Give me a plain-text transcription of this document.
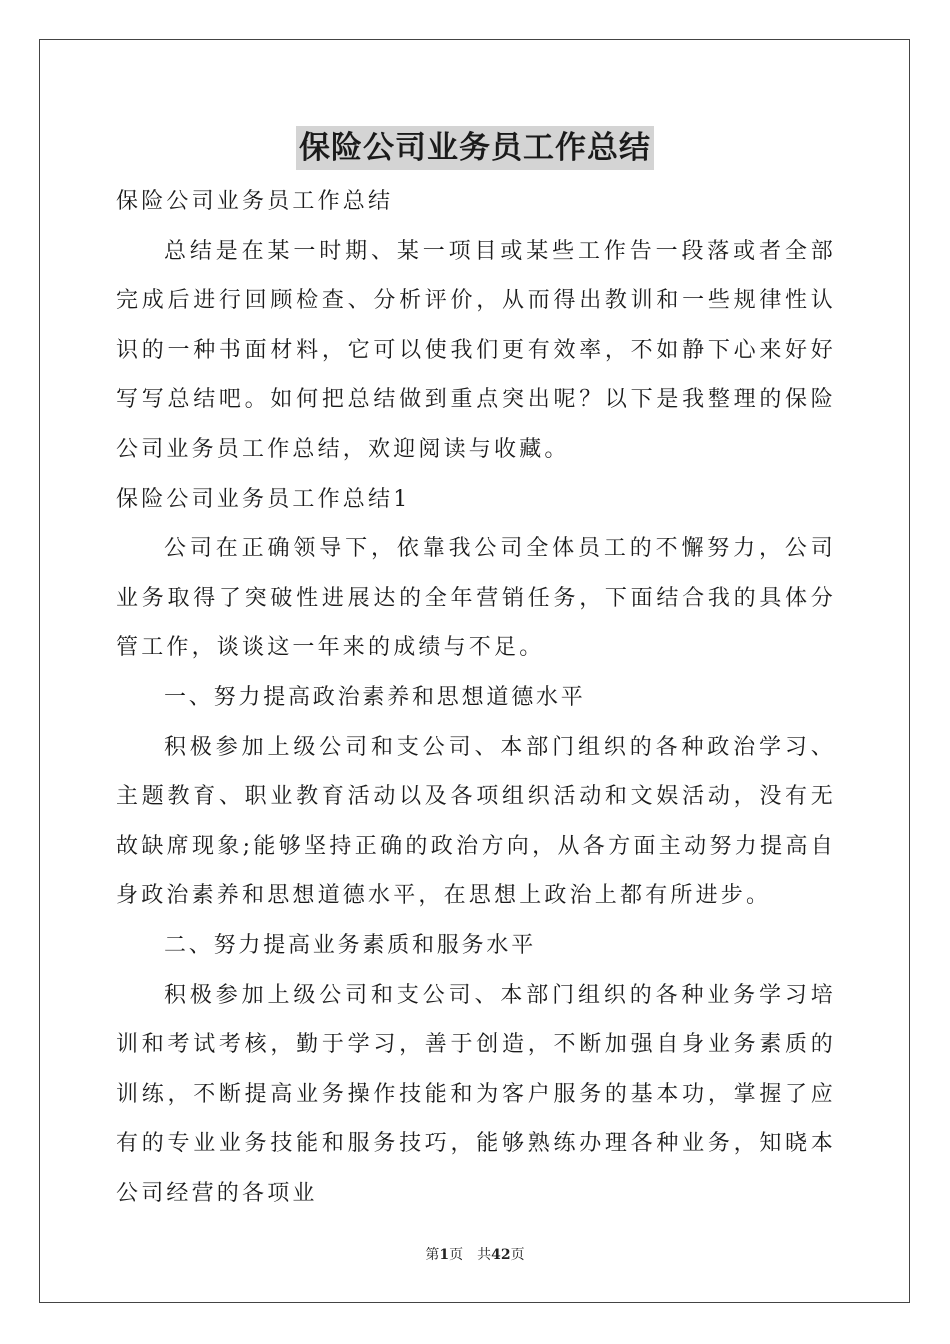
保险公司业务员工作总结

保险公司业务员工作总结

总结是在某一时期、某一项目或某些工作告一段落或者全部完成后进行回顾检查、分析评价，从而得出教训和一些规律性认识的一种书面材料，它可以使我们更有效率，不如静下心来好好写写总结吧。如何把总结做到重点突出呢？以下是我整理的保险公司业务员工作总结，欢迎阅读与收藏。

保险公司业务员工作总结1

公司在正确领导下，依靠我公司全体员工的不懈努力，公司业务取得了突破性进展达的全年营销任务，下面结合我的具体分管工作，谈谈这一年来的成绩与不足。

一、努力提高政治素养和思想道德水平

积极参加上级公司和支公司、本部门组织的各种政治学习、主题教育、职业教育活动以及各项组织活动和文娱活动，没有无故缺席现象;能够坚持正确的政治方向，从各方面主动努力提高自身政治素养和思想道德水平，在思想上政治上都有所进步。

二、努力提高业务素质和服务水平

积极参加上级公司和支公司、本部门组织的各种业务学习培训和考试考核，勤于学习，善于创造，不断加强自身业务素质的训练，不断提高业务操作技能和为客户服务的基本功，掌握了应有的专业业务技能和服务技巧，能够熟练办理各种业务，知晓本公司经营的各项业

第1页 共42页
